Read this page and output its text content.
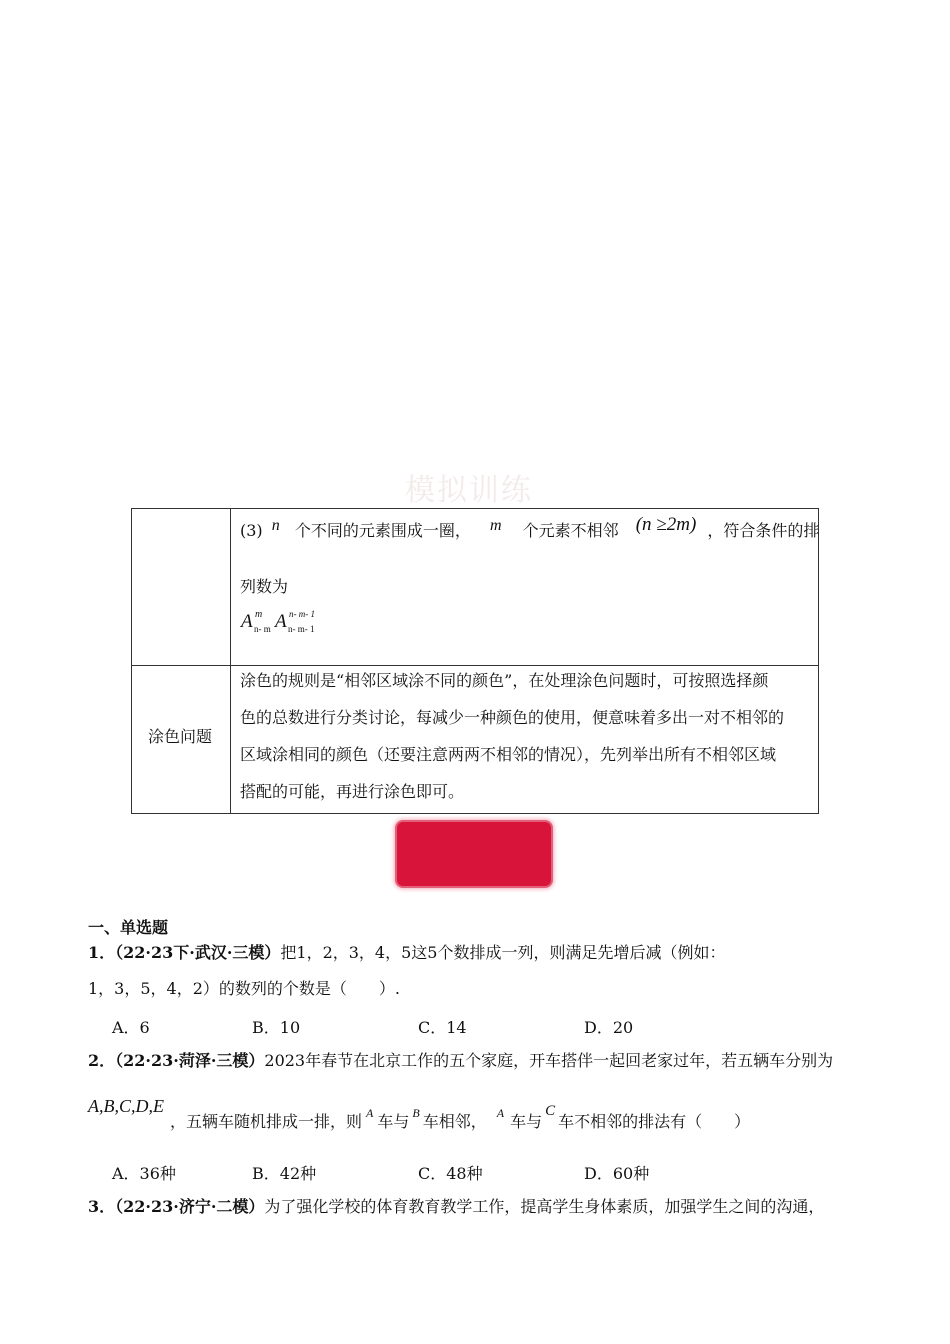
模拟训练
(3) n 个不同的元素围成一圈， m 个元素不相邻 (n ≥2m) ，符合条件的排
列数为
A m
n- m A n- m- 1
n- m- 1
涂色问题
涂色的规则是“相邻区域涂不同的颜色”，在处理涂色问题时，可按照选择颜
色的总数进行分类讨论，每减少一种颜色的使用，便意味着多出一对不相邻的
区域涂相同的颜色（还要注意两两不相邻的情况），先列举出所有不相邻区域
搭配的可能，再进行涂色即可。
一、单选题
1．（22·23下·武汉·三模）把1，2，3，4，5这5个数排成一列，则满足先增后减（例如：
1，3，5，4，2）的数列的个数是（　　）.
A．6	B．10	C．14	D．20
2．（22·23·菏泽·三模）2023年春节在北京工作的五个家庭，开车搭伴一起回老家过年，若五辆车分别为
A,B,C,D,E
，五辆车随机排成一排，则 $^A$ 车与 $^B$ 车相邻， $^A$ 车与C车不相邻的排法有（　　）
A．36种	B．42种	C．48种	D．60种
3．（22·23·济宁·二模）为了强化学校的体育教育教学工作，提高学生身体素质，加强学生之间的沟通，
